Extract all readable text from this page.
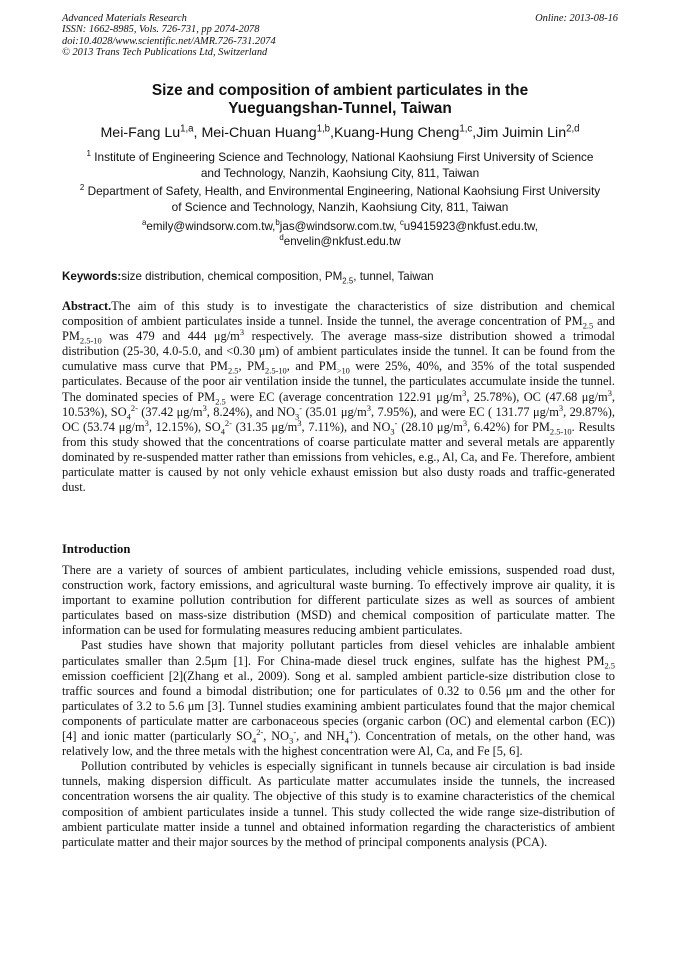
Advanced Materials Research
ISSN: 1662-8985, Vols. 726-731, pp 2074-2078
doi:10.4028/www.scientific.net/AMR.726-731.2074
© 2013 Trans Tech Publications Ltd, Switzerland
Online: 2013-08-16
Size and composition of ambient particulates in the
Yueguangshan-Tunnel, Taiwan
Mei-Fang Lu$^{1,a}$, Mei-Chuan Huang$^{1,b}$,Kuang-Hung Cheng$^{1,c}$,Jim Juimin Lin$^{2,d}$
$^1$ Institute of Engineering Science and Technology, National Kaohsiung First University of Science
and Technology, Nanzih, Kaohsiung City, 811, Taiwan
$^2$ Department of Safety, Health, and Environmental Engineering, National Kaohsiung First University
of Science and Technology, Nanzih, Kaohsiung City, 811, Taiwan
$^a$emily@windsorw.com.tw,$^b$jas@windsorw.com.tw, $^c$u9415923@nkfust.edu.tw,
$^d$envelin@nkfust.edu.tw
Keywords:size distribution, chemical composition, $PM_{2.5}$, tunnel, Taiwan
Abstract.The aim of this study is to investigate the characteristics of size distribution and chemical composition of ambient particulates inside a tunnel. Inside the tunnel, the average concentration of $PM_{2.5}$ and $PM_{2.5-10}$ was 479 and 444 $\mu g/m^3$ respectively. The average mass-size distribution showed a trimodal distribution (25-30, 4.0-5.0, and <0.30 μm) of ambient particulates inside the tunnel. It can be found from the cumulative mass curve that $PM_{2.5}$, $PM_{2.5-10}$, and $PM_{>10}$ were 25%, 40%, and 35% of the total suspended particulates. Because of the poor air ventilation inside the tunnel, the particulates accumulate inside the tunnel. The dominated species of $PM_{2.5}$ were EC (average concentration 122.91 $\mu g/m^3$, 25.78%), OC (47.68 $\mu g/m^3$, 10.53%), $SO_4^{2-}$ (37.42 $\mu g/m^3$, 8.24%), and $NO_3^-$ (35.01 $\mu g/m^3$, 7.95%), and were EC ( 131.77 $\mu g/m^3$, 29.87%), OC (53.74 $\mu g/m^3$, 12.15%), $SO_4^{2-}$ (31.35 $\mu g/m^3$, 7.11%), and $NO_3^-$ (28.10 $\mu g/m^3$, 6.42%) for $PM_{2.5-10}$. Results from this study showed that the concentrations of coarse particulate matter and several metals are apparently dominated by re-suspended matter rather than emissions from vehicles, e.g., Al, Ca, and Fe. Therefore, ambient particulate matter is caused by not only vehicle exhaust emission but also dusty roads and traffic-generated dust.
Introduction

There are a variety of sources of ambient particulates, including vehicle emissions, suspended road dust, construction work, factory emissions, and agricultural waste burning. To effectively improve air quality, it is important to examine pollution contribution for different particulate sizes as well as sources of ambient particulates based on mass-size distribution (MSD) and chemical composition of particulate matter. The information can be used for formulating measures reducing ambient particulates.

Past studies have shown that majority pollutant particles from diesel vehicles are inhalable ambient particulates smaller than 2.5μm [1]. For China-made diesel truck engines, sulfate has the highest $PM_{2.5}$ emission coefficient [2](Zhang et al., 2009). Song et al. sampled ambient particle-size distribution close to traffic sources and found a bimodal distribution; one for particulates of 0.32 to 0.56 μm and the other for particulates of 3.2 to 5.6 μm [3]. Tunnel studies examining ambient particulates found that the major chemical components of particulate matter are carbonaceous species (organic carbon (OC) and elemental carbon (EC)) [4] and ionic matter (particularly $SO_4^{2-}$, $NO_3^-$, and $NH_4^+$). Concentration of metals, on the other hand, was relatively low, and the three metals with the highest concentration were Al, Ca, and Fe [5, 6].

Pollution contributed by vehicles is especially significant in tunnels because air circulation is bad inside tunnels, making dispersion difficult. As particulate matter accumulates inside the tunnels, the increased concentration worsens the air quality. The objective of this study is to examine characteristics of the chemical composition of ambient particulates inside a tunnel. This study collected the wide range size-distribution of ambient particulate matter inside a tunnel and obtained information regarding the characteristics of ambient particulate matter and their major sources by the method of principal components analysis (PCA).
